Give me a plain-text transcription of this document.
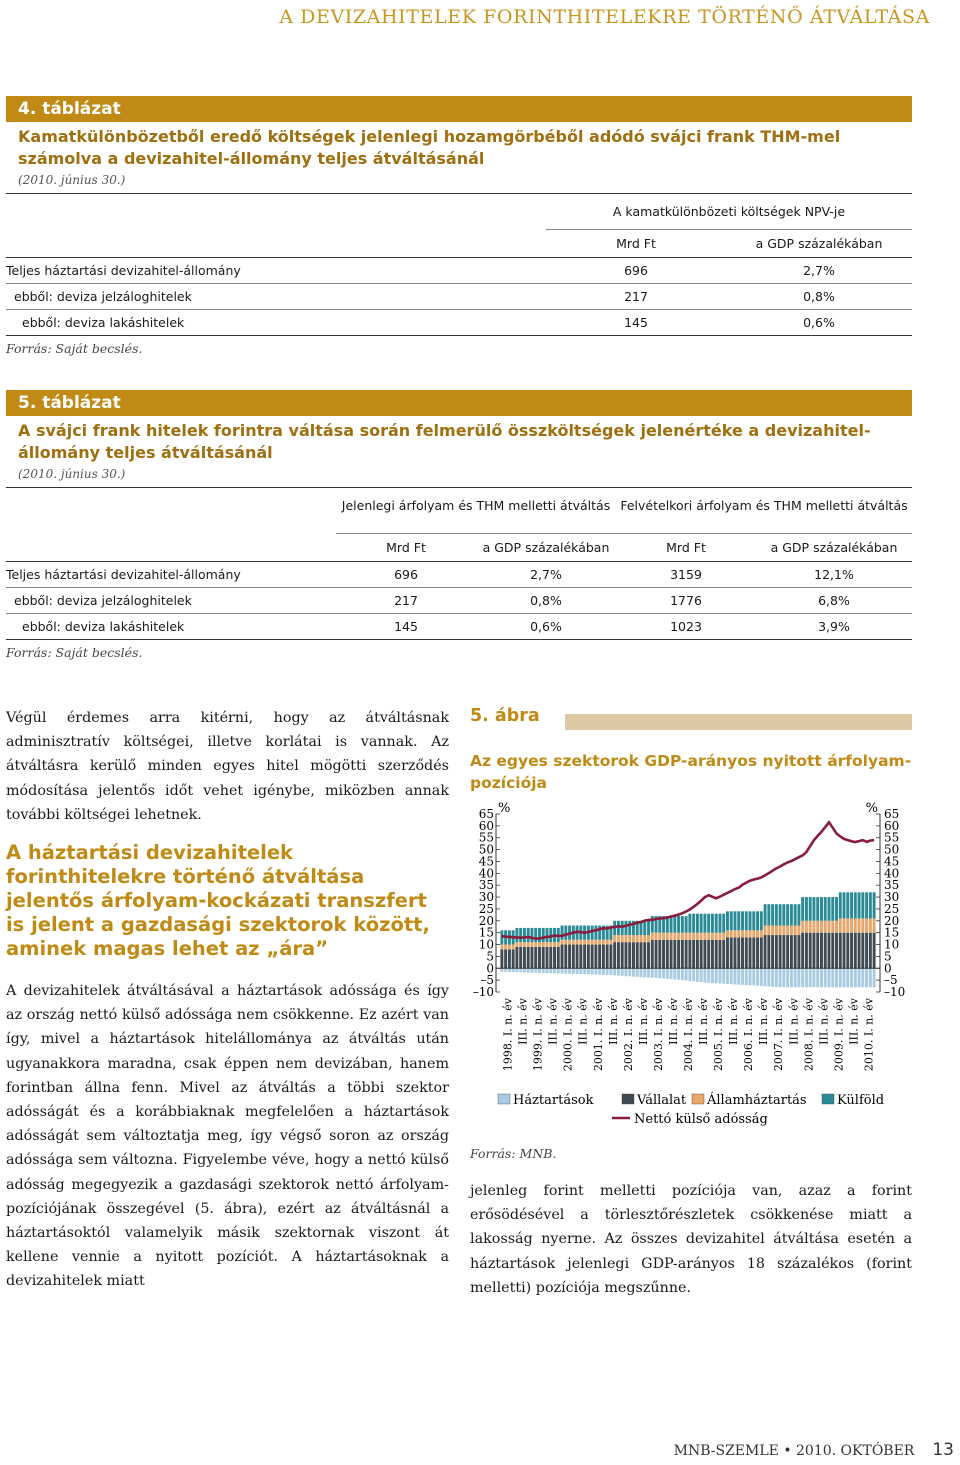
A DEVIZAHITELEK FORINTHITELEKRE TÖRTÉNŐ ÁTVÁLTÁSA
4. táblázat
Kamatkülönbözetből eredő költségek jelenlegi hozamgörbéből adódó svájci frank THM-mel számolva a devizahitel-állomány teljes átváltásánál
(2010. június 30.)
	A kamatkülönbözeti költségek NPV-je	
	Mrd Ft	a GDP százalékában
Teljes háztartási devizahitel-állomány	696	2,7%
ebből: deviza jelzáloghitelek	217	0,8%
ebből: deviza lakáshitelek	145	0,6%
Forrás: Saját becslés.
5. táblázat
A svájci frank hitelek forintra váltása során felmerülő összköltségek jelenértéke a devizahitel-állomány teljes átváltásánál
(2010. június 30.)
	Jelenlegi árfolyam és THM melletti átváltás		Felvételkori árfolyam és THM melletti átváltás	
	Mrd Ft	a GDP százalékában	Mrd Ft	a GDP százalékában
Teljes háztartási devizahitel-állomány	696	2,7%	3159	12,1%
ebből: deviza jelzáloghitelek	217	0,8%	1776	6,8%
ebből: deviza lakáshitelek	145	0,6%	1023	3,9%
Forrás: Saját becslés.

Végül érdemes arra kitérni, hogy az átváltásnak adminisztratív költségei, illetve korlátai is vannak. Az átváltásra kerülő minden egyes hitel mögötti szerződés módosítása jelentős időt vehet igénybe, miközben annak további költségei lehetnek.

A háztartási devizahitelek forinthitelekre történő átváltása jelentős árfolyam-kockázati transzfert is jelent a gazdasági szektorok között, aminek magas lehet az „ára”

A devizahitelek átváltásával a háztartások adóssága és így az ország nettó külső adóssága nem csökkenne. Ez azért van így, mivel a háztartások hitelállománya az átváltás után ugyanakkora maradna, csak éppen nem devizában, hanem forintban állna fenn. Mivel az átváltás a többi szektor adósságát és a korábbiaknak megfelelően a háztartások adósságát sem változtatja meg, így végső soron az ország adóssága sem változna. Figyelembe véve, hogy a nettó külső adósság megegyezik a gazdasági szektorok nettó árfolyam-pozíciójának összegével (5. ábra), ezért az átváltásnál a háztartásoktól valamelyik másik szektornak viszont át kellene vennie a nyitott pozíciót. A háztartásoknak a devizahitelek miatt

5. ábra
Az egyes szektorok GDP-arányos nyitott árfolyam-pozíciója
%	%
65	65
60	60
55	55
50	50
45	45
40	40
35	35
30	30
25	25
20	20
15	15
10	10
5	5
0	0
–5	–5
–10	–10
1998. I. n. év III. n. év 1999. I. n. év III. n. év 2000. I. n. év III. n. év 2001. I. n. év III. n. év 2002. I. n. év III. n. év 2003. I. n. év III. n. év 2004. I. n. év III. n. év 2005. I. n. év III. n. év 2006. I. n. év III. n. év 2007. I. n. év III. n. év 2008. I. n. év III. n. év 2009. I. n. év III. n. év 2010. I. n. év
Háztartások	Vállalat Államháztartás Külföld
Nettó külső adósság
Forrás: MNB.

jelenleg forint melletti pozíciója van, azaz a forint erősödésével a törlesztőrészletek csökkenése miatt a lakosság nyerne. Az összes devizahitel átváltása esetén a háztartások jelenlegi GDP-arányos 18 százalékos (forint melletti) pozíciója megszűnne.

MNB-SZEMLE • 2010. OKTÓBER 13
